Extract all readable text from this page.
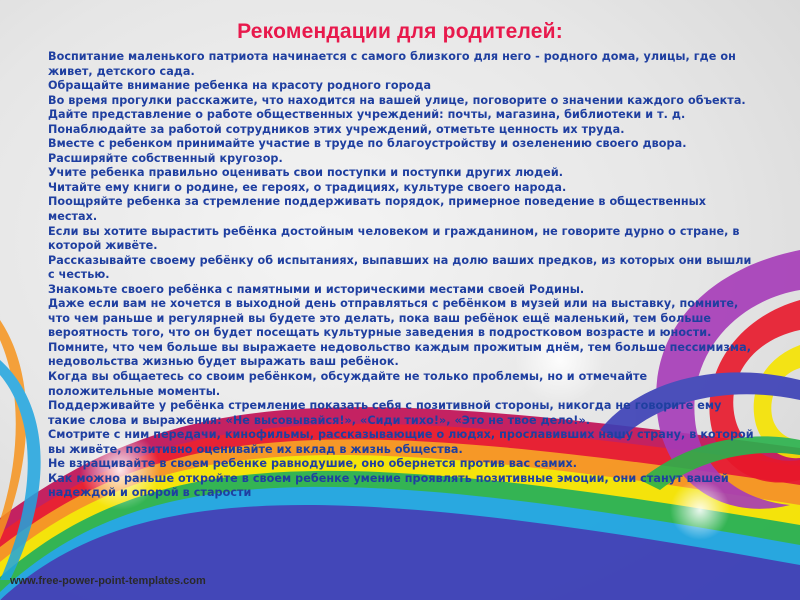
Рекомендации для родителей:

Воспитание маленького патриота начинается с самого близкого для него - родного дома, улицы, где он живет, детского сада.

Обращайте внимание ребенка на красоту родного города

Во время прогулки расскажите, что находится на вашей улице, поговорите о значении каждого объекта.

Дайте представление о работе общественных учреждений: почты, магазина, библиотеки и т. д.

Понаблюдайте за работой сотрудников этих учреждений, отметьте ценность их труда.

Вместе с ребенком принимайте участие в труде по благоустройству и озеленению своего двора.

Расширяйте собственный кругозор.

Учите ребенка правильно оценивать свои поступки и поступки других людей.

Читайте ему книги о родине, ее героях, о традициях, культуре своего народа.

Поощряйте ребенка за стремление поддерживать порядок, примерное поведение в общественных местах.

Если вы хотите вырастить ребёнка достойным человеком и гражданином, не говорите дурно о стране, в которой живёте.

Рассказывайте своему ребёнку об испытаниях, выпавших на долю ваших предков, из которых они вышли с честью.

Знакомьте своего ребёнка с памятными и историческими местами своей Родины.

Даже если вам не хочется в выходной день отправляться с ребёнком в музей или на выставку, помните, что чем раньше и регулярней вы будете это делать, пока ваш ребёнок ещё маленький, тем больше вероятность того, что он будет посещать культурные заведения в подростковом возрасте и юности.

Помните, что чем больше вы выражаете недовольство каждым прожитым днём, тем больше пессимизма, недовольства жизнью будет выражать ваш ребёнок.

Когда вы общаетесь со своим ребёнком, обсуждайте не только проблемы, но и отмечайте положительные моменты.

Поддерживайте у ребёнка стремление показать себя с позитивной стороны, никогда не говорите ему такие слова и выражения: «Не высовывайся!», «Сиди тихо!», «Это не твое дело!».

Смотрите с ним передачи, кинофильмы, рассказывающие о людях, прославивших нашу страну, в которой вы живёте, позитивно оценивайте их вклад в жизнь общества.

Не взращивайте в своем ребенке равнодушие, оно обернется против вас самих.

Как можно раньше откройте в своем ребенке умение проявлять позитивные эмоции, они станут вашей надеждой и опорой в старости

www.free-power-point-templates.com
